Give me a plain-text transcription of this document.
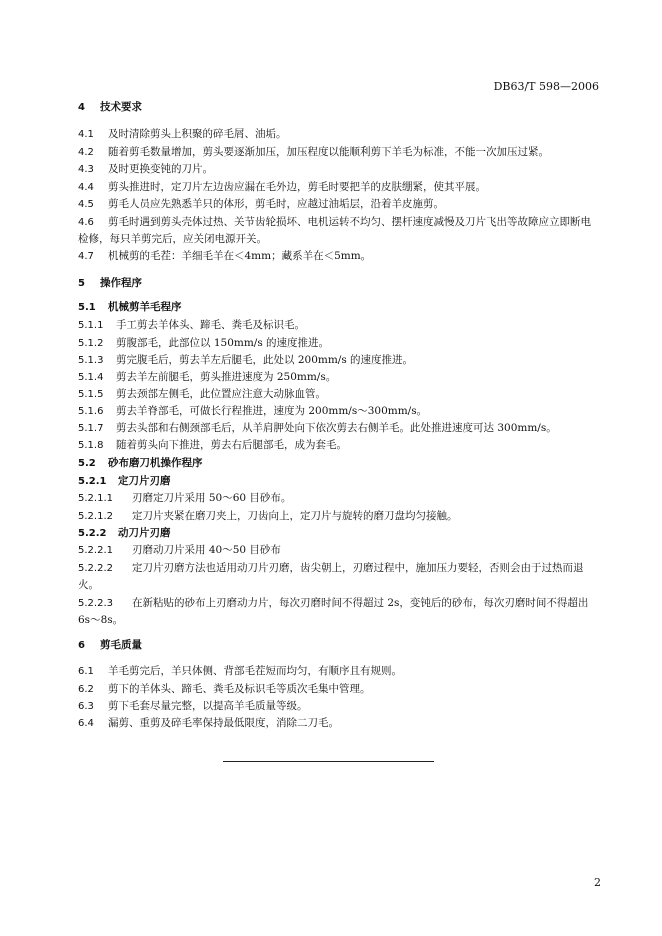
DB63/T 598—2006
4 技术要求
4.1 及时清除剪头上积聚的碎毛屑、油垢。
4.2 随着剪毛数量增加，剪头要逐渐加压，加压程度以能顺利剪下羊毛为标准，不能一次加压过紧。
4.3 及时更换变钝的刀片。
4.4 剪头推进时，定刀片左边齿应漏在毛外边，剪毛时要把羊的皮肤绷紧，使其平展。
4.5 剪毛人员应先熟悉羊只的体形，剪毛时，应越过油垢层，沿着羊皮施剪。
4.6 剪毛时遇到剪头壳体过热、关节齿轮损坏、电机运转不均匀、摆杆速度减慢及刀片飞出等故障应立即断电检修，每只羊剪完后，应关闭电源开关。
4.7 机械剪的毛茬：羊细毛羊在＜4mm；藏系羊在＜5mm。
5 操作程序
5.1 机械剪羊毛程序
5.1.1 手工剪去羊体头、蹄毛、粪毛及标识毛。
5.1.2 剪腹部毛，此部位以 150mm/s 的速度推进。
5.1.3 剪完腹毛后，剪去羊左后腿毛，此处以 200mm/s 的速度推进。
5.1.4 剪去羊左前腿毛，剪头推进速度为 250mm/s。
5.1.5 剪去颈部左侧毛，此位置应注意大动脉血管。
5.1.6 剪去羊脊部毛，可做长行程推进，速度为 200mm/s～300mm/s。
5.1.7 剪去头部和右侧颈部毛后，从羊肩胛处向下依次剪去右侧羊毛。此处推进速度可达 300mm/s。
5.1.8 随着剪头向下推进，剪去右后腿部毛，成为套毛。
5.2 砂布磨刀机操作程序
5.2.1 定刀片刃磨
5.2.1.1 刃磨定刀片采用 50～60 目砂布。
5.2.1.2 定刀片夹紧在磨刀夹上，刀齿向上，定刀片与旋转的磨刀盘均匀接触。
5.2.2 动刀片刃磨
5.2.2.1 刃磨动刀片采用 40～50 目砂布
5.2.2.2 定刀片刃磨方法也适用动刀片刃磨，齿尖朝上，刃磨过程中，施加压力要轻，否则会由于过热而退火。
5.2.2.3 在新粘贴的砂布上刃磨动力片，每次刃磨时间不得超过 2s，变钝后的砂布，每次刃磨时间不得超出 6s～8s。
6 剪毛质量
6.1 羊毛剪完后，羊只体侧、背部毛茬短而均匀，有顺序且有规则。
6.2 剪下的羊体头、蹄毛、粪毛及标识毛等质次毛集中管理。
6.3 剪下毛套尽量完整，以提高羊毛质量等级。
6.4 漏剪、重剪及碎毛率保持最低限度，消除二刀毛。
2
